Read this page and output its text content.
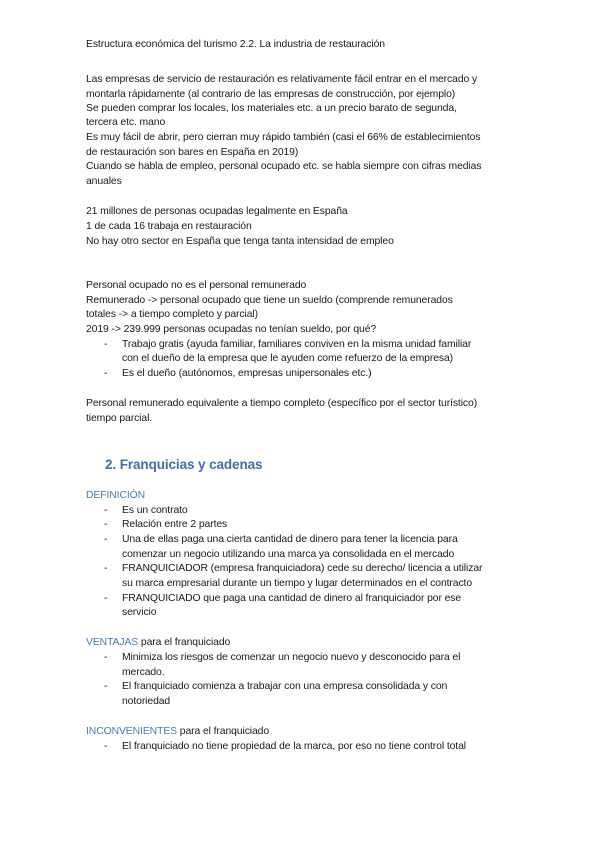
Estructura económica del turismo 2.2. La industria de restauración
Las empresas de servicio de restauración es relativamente fácil entrar en el mercado y
montarla rápidamente (al contrario de las empresas de construcción, por ejemplo)
Se pueden comprar los locales, los materiales etc. a un precio barato de segunda,
tercera etc. mano
Es muy fácil de abrir, pero cierran muy rápido también (casi el 66% de establecimientos
de restauración son bares en España en 2019)
Cuando se habla de empleo, personal ocupado etc. se habla siempre con cifras medias
anuales
21 millones de personas ocupadas legalmente en España
1 de cada 16 trabaja en restauración
No hay otro sector en España que tenga tanta intensidad de empleo
Personal ocupado no es el personal remunerado
Remunerado -> personal ocupado que tiene un sueldo (comprende remunerados
totales -> a tiempo completo y parcial)
2019 -> 239.999 personas ocupadas no tenían sueldo, por qué?
- Trabajo gratis (ayuda familiar, familiares conviven en la misma unidad familiar
con el dueño de la empresa que le ayuden come refuerzo de la empresa)
- Es el dueño (autónomos, empresas unipersonales etc.)
Personal remunerado equivalente a tiempo completo (específico por el sector turístico)
tiempo parcial.
2. Franquicias y cadenas
DEFINICIÓN
- Es un contrato
- Relación entre 2 partes
- Una de ellas paga una cierta cantidad de dinero para tener la licencia para
comenzar un negocio utilizando una marca ya consolidada en el mercado
- FRANQUICIADOR (empresa franquiciadora) cede su derecho/ licencia a utilizar
su marca empresarial durante un tiempo y lugar determinados en el contracto
- FRANQUICIADO que paga una cantidad de dinero al franquiciador por ese
servicio
VENTAJAS para el franquiciado
- Minimiza los riesgos de comenzar un negocio nuevo y desconocido para el
mercado.
- El franquiciado comienza a trabajar con una empresa consolidada y con
notoriedad
INCONVENIENTES para el franquiciado
- El franquiciado no tiene propiedad de la marca, por eso no tiene control total
